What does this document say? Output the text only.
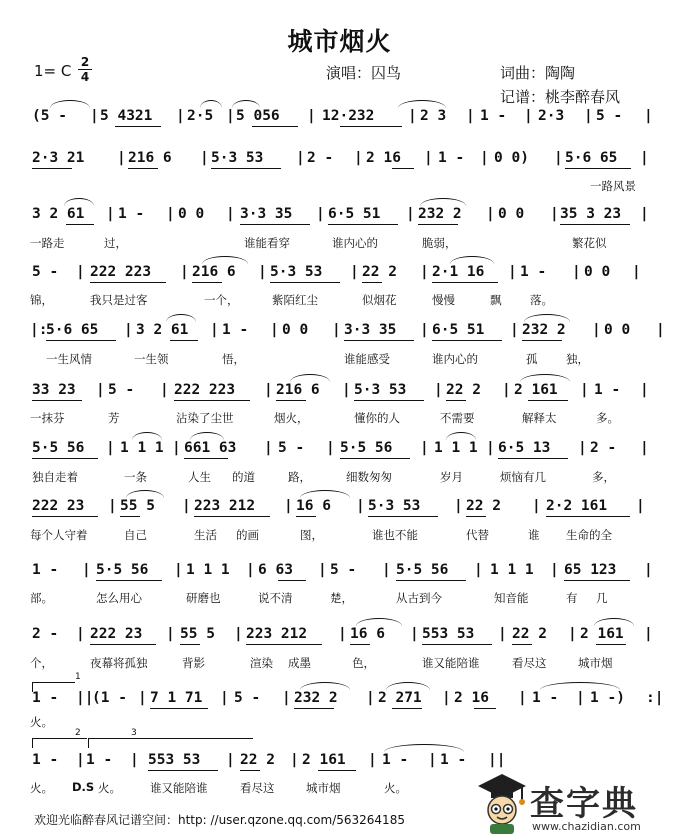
城市烟火
1= C 2
4	演唱：囚鸟	词曲：陶陶
记谱：桃李醉春风

(5 -

|

5 4321

|

2·5

|

5 056

|

12·232

|

2 3

|

1 -

|

2·3

|

5 -

|

2·3 21

|

216 6

|

5·3 53

|

2 -

|

2 16

|

1 -

|

0 0)

|

5·6 65

|

一路风景

3 2 61

|

1 -

|

0 0

|

3·3 35

|

6·5 51

|

232 2

|

0 0

|

35 3 23

|

一路走

	过，

	谁能看穿

	谁内心的

	脆弱，

	繁花似

5 -

|

222 223

|

216 6

|

5·3 53

|

22 2

|

2·1 16

|

1 -

|

0 0

|

锦，

	我只是过客

	一个，

	紫陌红尘

	似烟花

	慢慢

	飘

落。

|:

5·6 65

|

3 2 61

|

1 -

|

0 0

|

3·3 35

|

6·5 51

|

232 2

|

0 0

|

一生风情

	一生领

	悟，

	谁能感受

	谁内心的

	孤

独，

33 23

|

5 -

|

222 223

|

216 6

|

5·3 53

|

22 2

|

2 161

|

1 -

|

一抹芬

	芳

	沾染了尘世

	烟火，

	懂你的人

	不需要

	解释太

	多。

5·5 56

|

1 1 1

|

661 63

|

5 -

|

5·5 56

|

1 1 1

|

6·5 13

|

2 -

|

独自走着

	一条

	人生

的道

	路，

	细数匆匆

	岁月

	烦恼有几

	多，

222 23

|

55 5

|

223 212

|

16 6

|

5·3 53

|

22 2

|

2·2 161

|

每个人守着

	自己

	生活

的画

	图，

	谁也不能

	代替

	谁

生命的全

1 -

|

5·5 56

|

1 1 1

|

6 63

|

5 -

|

5·5 56

|

1 1 1

|

65 123

|

部。

	怎么用心

	研磨也

	说不清

	楚，

	从古到今

	知音能

	有

几

2 -

|

222 23

|

55 5

|

223 212

|

16 6

|

553 53

|

22 2

|

2 161

|

个，

	夜幕将孤独

	背影

	渲染

成墨

	色，

	谁又能陪谁

	看尽这

	城市烟

1

1 -

||

(1 -

|

7 1 71

|

5 -

|

232 2

|

2 271

|

2 16

|

1 -

|

1 -)

:|

火。

2	3

1 -

|

1 -

|

553 53

|

22 2

|

2 161

|

1 -

|

1 -

||

火。

D.S

火。

	谁又能陪谁

	看尽这

	城市烟

	火。

欢迎光临醉春风记谱空间：http: //user.qzone.qq.com/563264185	查字典
www.chazidian.com
